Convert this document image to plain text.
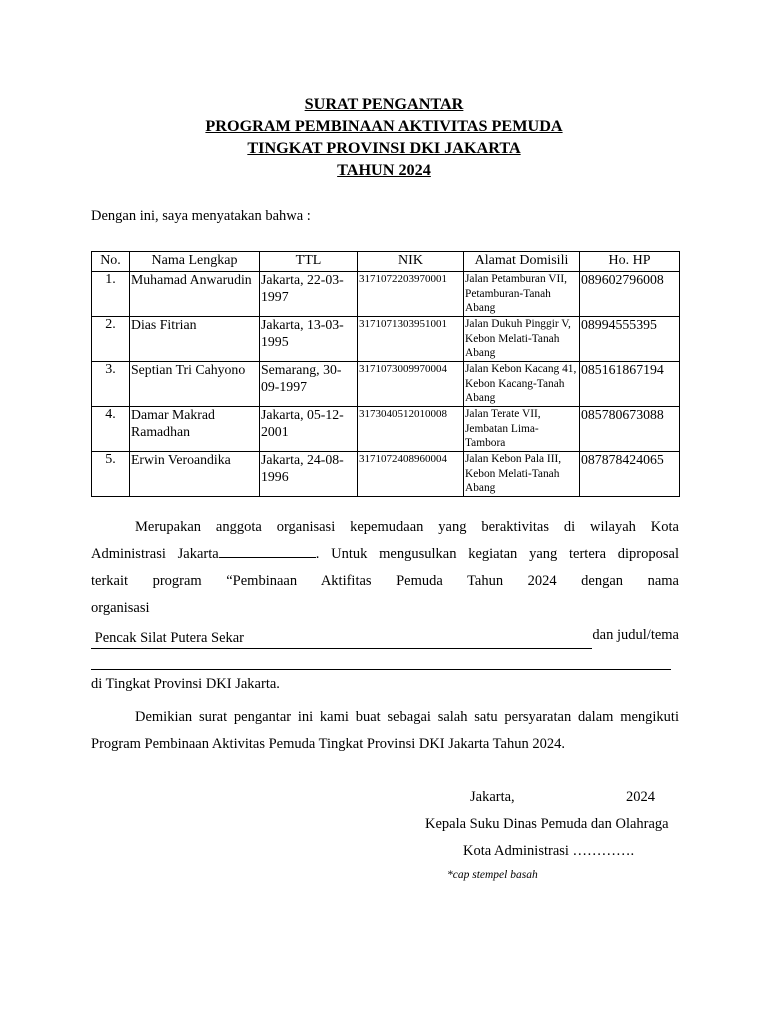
SURAT PENGANTAR
PROGRAM PEMBINAAN AKTIVITAS PEMUDA
TINGKAT PROVINSI DKI JAKARTA
TAHUN 2024
Dengan ini, saya menyatakan bahwa :
No.	Nama Lengkap	TTL	NIK	Alamat Domisili	Ho. HP
1.	Muhamad Anwarudin	Jakarta, 22-03-1997	3171072203970001	Jalan Petamburan VII, Petamburan-Tanah Abang	089602796008
2.	Dias Fitrian	Jakarta, 13-03-1995	3171071303951001	Jalan Dukuh Pinggir V, Kebon Melati-Tanah Abang	08994555395
3.	Septian Tri Cahyono	Semarang, 30-09-1997	3171073009970004	Jalan Kebon Kacang 41, Kebon Kacang-Tanah Abang	085161867194
4.	Damar Makrad Ramadhan	Jakarta, 05-12-2001	3173040512010008	Jalan Terate VII, Jembatan Lima-Tambora	085780673088
5.	Erwin Veroandika	Jakarta, 24-08-1996	3171072408960004	Jalan Kebon Pala III, Kebon Melati-Tanah Abang	087878424065
Merupakan anggota organisasi kepemudaan yang beraktivitas di wilayah Kota
Administrasi Jakarta	. Untuk mengusulkan kegiatan yang tertera diproposal
terkait program “Pembinaan Aktifitas Pemuda Tahun 2024 dengan nama
organisasi
Pencak Silat Putera Sekar	dan judul/tema
di Tingkat Provinsi DKI Jakarta.
Demikian surat pengantar ini kami buat sebagai salah satu persyaratan dalam mengikuti
Program Pembinaan Aktivitas Pemuda Tingkat Provinsi DKI Jakarta Tahun 2024.
Jakarta,	2024
Kepala Suku Dinas Pemuda dan Olahraga
Kota Administrasi ………….
*cap stempel basah
